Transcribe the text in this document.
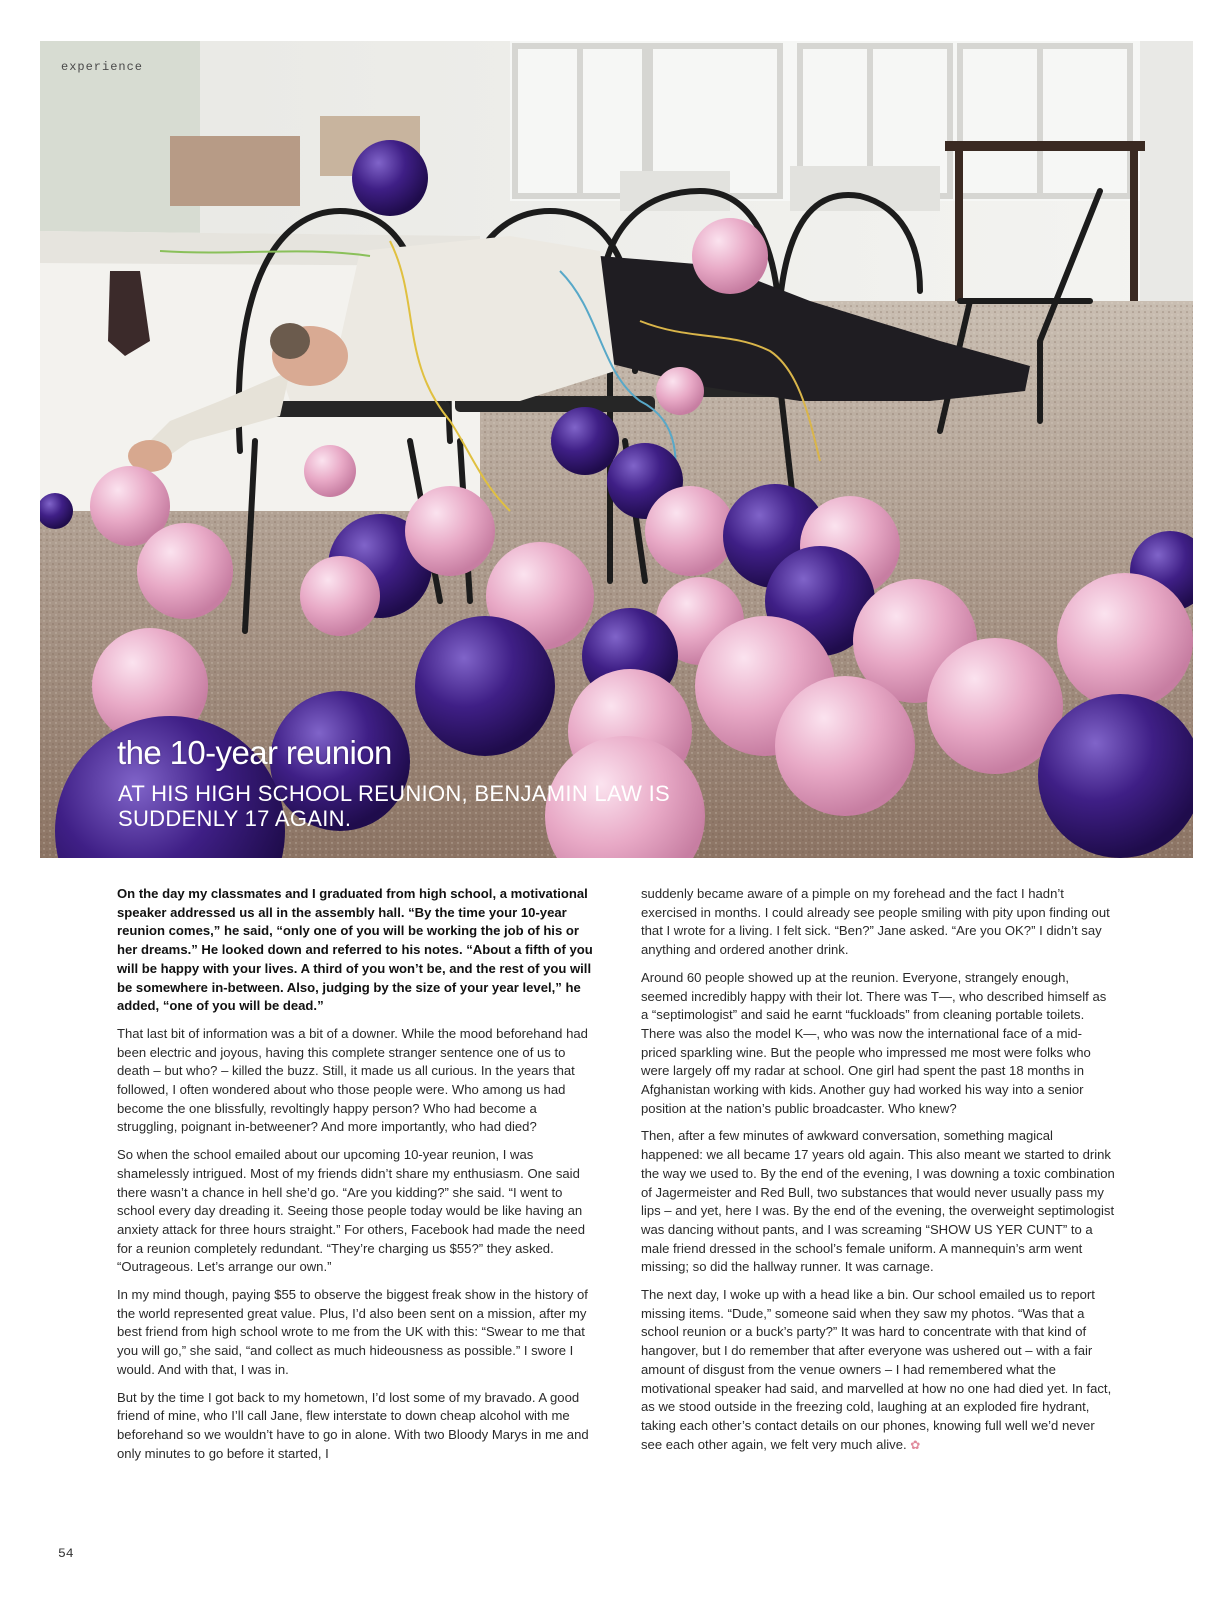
experience
the 10-year reunion
AT HIS HIGH SCHOOL REUNION, BENJAMIN LAW IS SUDDENLY 17 AGAIN.

On the day my classmates and I graduated from high school, a motivational speaker addressed us all in the assembly hall. “By the time your 10-year reunion comes,” he said, “only one of you will be working the job of his or her dreams.” He looked down and referred to his notes. “About a fifth of you will be happy with your lives. A third of you won’t be, and the rest of you will be somewhere in-between. Also, judging by the size of your year level,” he added, “one of you will be dead.”

That last bit of information was a bit of a downer. While the mood beforehand had been electric and joyous, having this complete stranger sentence one of us to death – but who? – killed the buzz. Still, it made us all curious. In the years that followed, I often wondered about who those people were. Who among us had become the one blissfully, revoltingly happy person? Who had become a struggling, poignant in-betweener? And more importantly, who had died?

So when the school emailed about our upcoming 10-year reunion, I was shamelessly intrigued. Most of my friends didn’t share my enthusiasm. One said there wasn’t a chance in hell she’d go. “Are you kidding?” she said. “I went to school every day dreading it. Seeing those people today would be like having an anxiety attack for three hours straight.” For others, Facebook had made the need for a reunion completely redundant. “They’re charging us $55?” they asked. “Outrageous. Let’s arrange our own.”

In my mind though, paying $55 to observe the biggest freak show in the history of the world represented great value. Plus, I’d also been sent on a mission, after my best friend from high school wrote to me from the UK with this: “Swear to me that you will go,” she said, “and collect as much hideousness as possible.” I swore I would. And with that, I was in.

But by the time I got back to my hometown, I’d lost some of my bravado. A good friend of mine, who I’ll call Jane, flew interstate to down cheap alcohol with me beforehand so we wouldn’t have to go in alone. With two Bloody Marys in me and only minutes to go before it started, I

suddenly became aware of a pimple on my forehead and the fact I hadn’t exercised in months. I could already see people smiling with pity upon finding out that I wrote for a living. I felt sick. “Ben?” Jane asked. “Are you OK?” I didn’t say anything and ordered another drink.

Around 60 people showed up at the reunion. Everyone, strangely enough, seemed incredibly happy with their lot. There was T—, who described himself as a “septimologist” and said he earnt “fuckloads” from cleaning portable toilets. There was also the model K—, who was now the international face of a mid-priced sparkling wine. But the people who impressed me most were folks who were largely off my radar at school. One girl had spent the past 18 months in Afghanistan working with kids. Another guy had worked his way into a senior position at the nation’s public broadcaster. Who knew?

Then, after a few minutes of awkward conversation, something magical happened: we all became 17 years old again. This also meant we started to drink the way we used to. By the end of the evening, I was downing a toxic combination of Jagermeister and Red Bull, two substances that would never usually pass my lips – and yet, here I was. By the end of the evening, the overweight septimologist was dancing without pants, and I was screaming “SHOW US YER CUNT” to a male friend dressed in the school’s female uniform. A mannequin’s arm went missing; so did the hallway runner. It was carnage.

The next day, I woke up with a head like a bin. Our school emailed us to report missing items. “Dude,” someone said when they saw my photos. “Was that a school reunion or a buck’s party?” It was hard to concentrate with that kind of hangover, but I do remember that after everyone was ushered out – with a fair amount of disgust from the venue owners – I had remembered what the motivational speaker had said, and marvelled at how no one had died yet. In fact, as we stood outside in the freezing cold, laughing at an exploded fire hydrant, taking each other’s contact details on our phones, knowing full well we’d never see each other again, we felt very much alive. ✿

54
